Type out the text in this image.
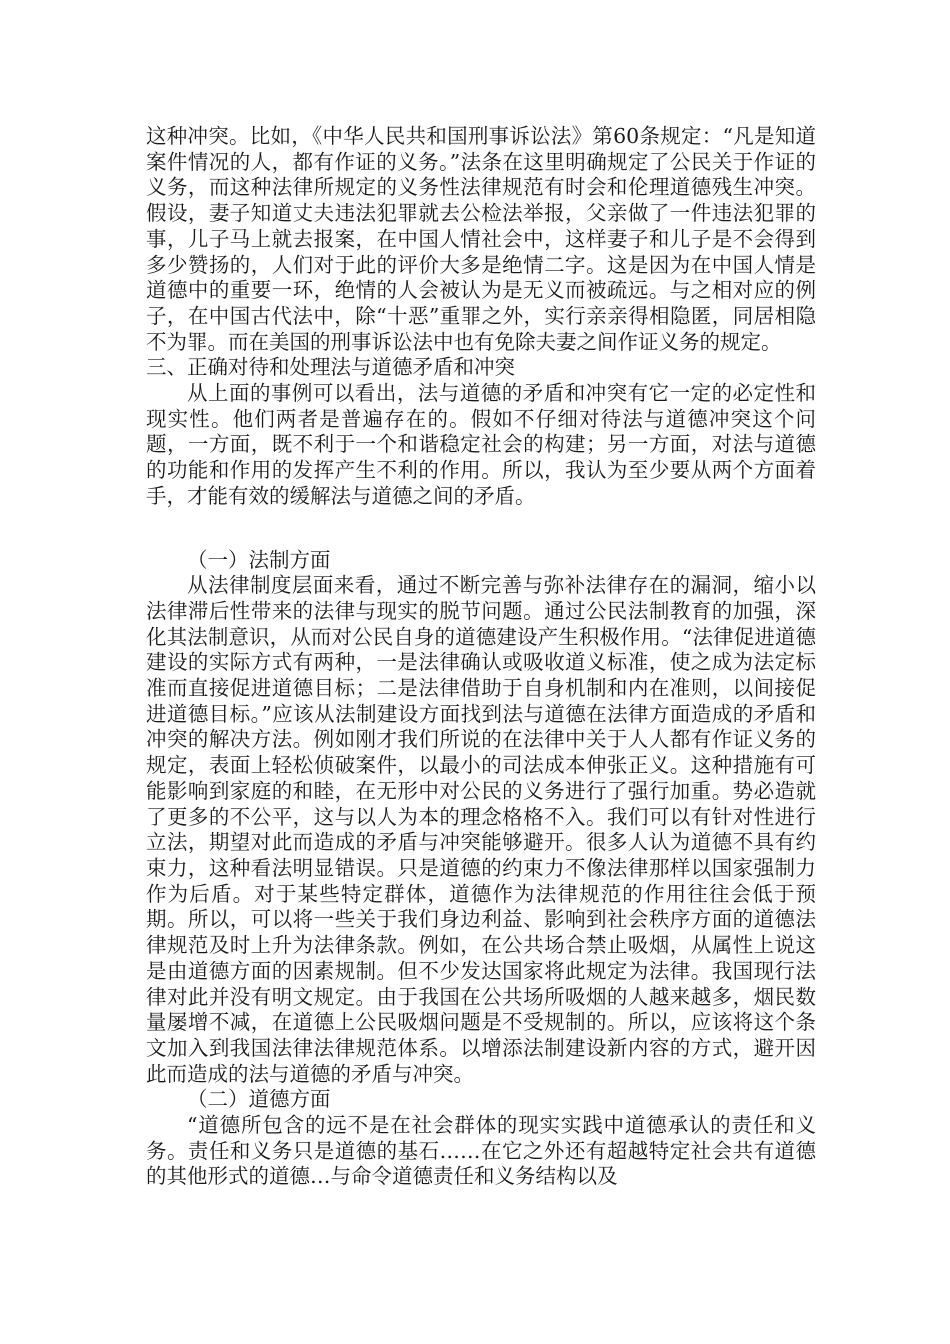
这种冲突。比如，《中华人民共和国刑事诉讼法》第60条规定：“凡是知道案件情况的人，都有作证的义务。”法条在这里明确规定了公民关于作证的义务，而这种法律所规定的义务性法律规范有时会和伦理道德残生冲突。假设，妻子知道丈夫违法犯罪就去公检法举报，父亲做了一件违法犯罪的事，儿子马上就去报案，在中国人情社会中，这样妻子和儿子是不会得到多少赞扬的，人们对于此的评价大多是绝情二字。这是因为在中国人情是道德中的重要一环，绝情的人会被认为是无义而被疏远。与之相对应的例子，在中国古代法中，除“十恶”重罪之外，实行亲亲得相隐匿，同居相隐不为罪。而在美国的刑事诉讼法中也有免除夫妻之间作证义务的规定。

三、正确对待和处理法与道德矛盾和冲突

从上面的事例可以看出，法与道德的矛盾和冲突有它一定的必定性和现实性。他们两者是普遍存在的。假如不仔细对待法与道德冲突这个问题，一方面，既不利于一个和谐稳定社会的构建；另一方面，对法与道德的功能和作用的发挥产生不利的作用。所以，我认为至少要从两个方面着手，才能有效的缓解法与道德之间的矛盾。

（一）法制方面

从法律制度层面来看，通过不断完善与弥补法律存在的漏洞，缩小以法律滞后性带来的法律与现实的脱节问题。通过公民法制教育的加强，深化其法制意识，从而对公民自身的道德建设产生积极作用。“法律促进道德建设的实际方式有两种，一是法律确认或吸收道义标准，使之成为法定标准而直接促进道德目标；二是法律借助于自身机制和内在准则，以间接促进道德目标。”应该从法制建设方面找到法与道德在法律方面造成的矛盾和冲突的解决方法。例如刚才我们所说的在法律中关于人人都有作证义务的规定，表面上轻松侦破案件，以最小的司法成本伸张正义。这种措施有可能影响到家庭的和睦，在无形中对公民的义务进行了强行加重。势必造就了更多的不公平，这与以人为本的理念格格不入。我们可以有针对性进行立法，期望对此而造成的矛盾与冲突能够避开。很多人认为道德不具有约束力，这种看法明显错误。只是道德的约束力不像法律那样以国家强制力作为后盾。对于某些特定群体，道德作为法律规范的作用往往会低于预期。所以，可以将一些关于我们身边利益、影响到社会秩序方面的道德法律规范及时上升为法律条款。例如，在公共场合禁止吸烟，从属性上说这是由道德方面的因素规制。但不少发达国家将此规定为法律。我国现行法律对此并没有明文规定。由于我国在公共场所吸烟的人越来越多，烟民数量屡增不减，在道德上公民吸烟问题是不受规制的。所以，应该将这个条文加入到我国法律法律规范体系。以增添法制建设新内容的方式，避开因此而造成的法与道德的矛盾与冲突。

（二）道德方面

“道德所包含的远不是在社会群体的现实实践中道德承认的责任和义务。责任和义务只是道德的基石……在它之外还有超越特定社会共有道德的其他形式的道德…与命令道德责任和义务结构以及
